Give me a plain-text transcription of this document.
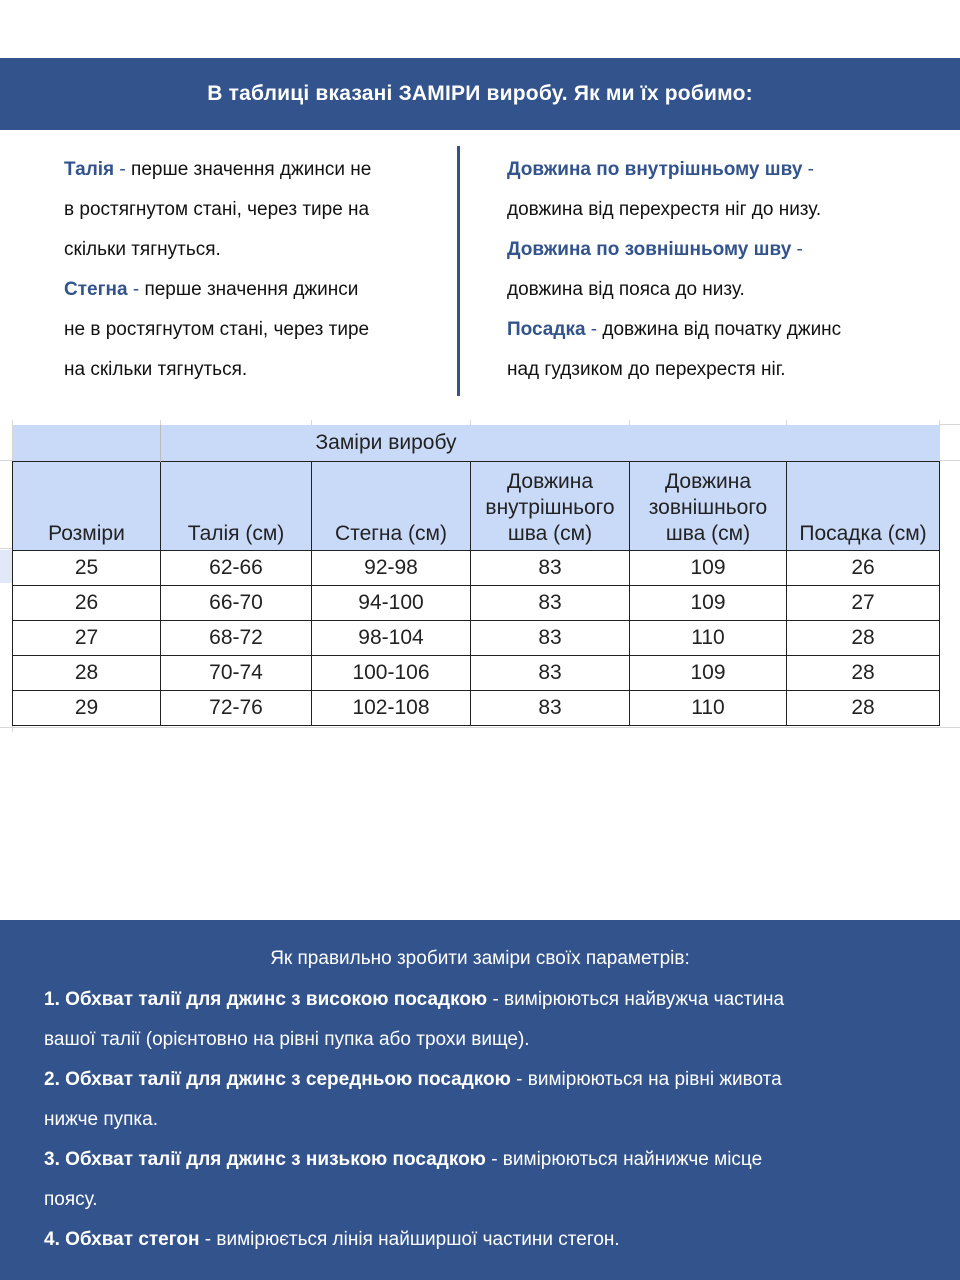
В таблиці вказані ЗАМІРИ виробу. Як ми їх робимо:
Талія - перше значення джинси не
в ростягнутом стані, через тире на
скільки тягнуться.
Стегна - перше значення джинси
не в ростягнутом стані, через тире
на скільки тягнуться.
Довжина по внутрішньому шву -
довжина від перехрестя ніг до низу.
Довжина по зовнішньому шву -
довжина від пояса до низу.
Посадка - довжина від початку джинс
над гудзиком до перехрестя ніг.
		Заміри виробу			
Розміри	Талія (см)	Стегна (см)	Довжина
внутрішнього
шва (см)	Довжина
зовнішнього
шва (см)	Посадка (см)
25	62-66	92-98	83	109	26
26	66-70	94-100	83	109	27
27	68-72	98-104	83	110	28
28	70-74	100-106	83	109	28
29	72-76	102-108	83	110	28
Як правильно зробити заміри своїх параметрів:
1. Обхват талії для джинс з високою посадкою - вимірюються найвужча частина
вашої талії (орієнтовно на рівні пупка або трохи вище).
2. Обхват талії для джинс з середньою посадкою - вимірюються на рівні живота
нижче пупка.
3. Обхват талії для джинс з низькою посадкою - вимірюються найнижче місце
поясу.
4. Обхват стегон - вимірюється лінія найширшої частини стегон.
